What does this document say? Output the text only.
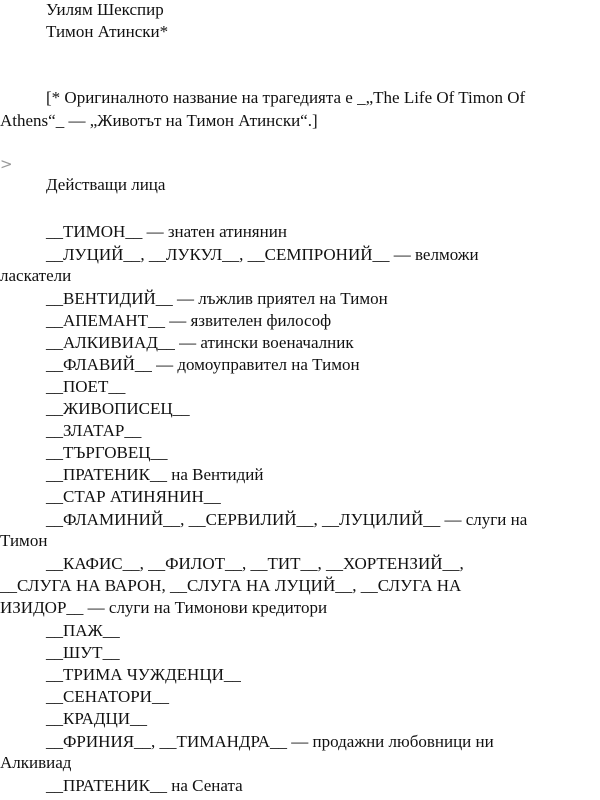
Уилям Шекспир
Тимон Атински*
[* Оригиналното название на трагедията е _„The Life Of Timon Of
Athens“_ — „Животът на Тимон Атински“.]
>
Действащи лица
__ТИМОН__ — знатен атинянин
__ЛУЦИЙ__, __ЛУКУЛ__, __СЕМПРОНИЙ__ — велможи
ласкатели
__ВЕНТИДИЙ__ — лъжлив приятел на Тимон
__АПЕМАНТ__ — язвителен философ
__АЛКИВИАД__ — атински военачалник
__ФЛАВИЙ__ — домоуправител на Тимон
__ПОЕТ__
__ЖИВОПИСЕЦ__
__ЗЛАТАР__
__ТЪРГОВЕЦ__
__ПРАТЕНИК__ на Вентидий
__СТАР АТИНЯНИН__
__ФЛАМИНИЙ__, __СЕРВИЛИЙ__, __ЛУЦИЛИЙ__ — слуги на
Тимон
__КАФИС__, __ФИЛОТ__, __ТИТ__, __ХОРТЕНЗИЙ__,
__СЛУГА НА ВАРОН, __СЛУГА НА ЛУЦИЙ__, __СЛУГА НА
ИЗИДОР__ — слуги на Тимонови кредитори
__ПАЖ__
__ШУТ__
__ТРИМА ЧУЖДЕНЦИ__
__СЕНАТОРИ__
__КРАДЦИ__
__ФРИНИЯ__, __ТИМАНДРА__ — продажни любовници ни
Алкивиад
__ПРАТЕНИК__ на Сената
